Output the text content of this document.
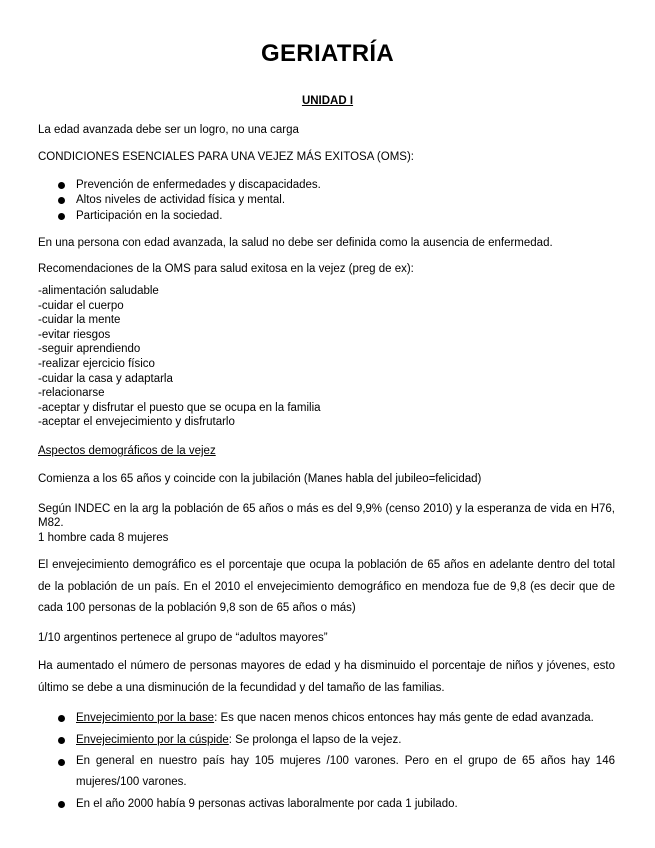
GERIATRÍA
UNIDAD I
La edad avanzada debe ser un logro, no una carga
CONDICIONES ESENCIALES PARA UNA VEJEZ MÁS EXITOSA (OMS):
Prevención de enfermedades y discapacidades.
Altos niveles de actividad física y mental.
Participación en la sociedad.
En una persona con edad avanzada, la salud no debe ser definida como la ausencia de enfermedad.
Recomendaciones de la OMS para salud exitosa en la vejez (preg de ex):
-alimentación saludable
-cuidar el cuerpo
-cuidar la mente
-evitar riesgos
-seguir aprendiendo
-realizar ejercicio físico
-cuidar la casa y adaptarla
-relacionarse
-aceptar y disfrutar el puesto que se ocupa en la familia
-aceptar el envejecimiento y disfrutarlo
Aspectos demográficos de la vejez
Comienza a los 65 años y coincide con la jubilación (Manes habla del jubileo=felicidad)
Según INDEC en la arg la población de 65 años o más es del 9,9% (censo 2010) y la esperanza de vida en H76, M82.
1 hombre cada 8 mujeres
El envejecimiento demográfico es el porcentaje que ocupa la población de 65 años en adelante dentro del total de la población de un país. En el 2010 el envejecimiento demográfico en mendoza fue de 9,8 (es decir que de cada 100 personas de la población 9,8 son de 65 años o más)
1/10 argentinos pertenece al grupo de “adultos mayores”
Ha aumentado el número de personas mayores de edad y ha disminuido el porcentaje de niños y jóvenes, esto último se debe a una disminución de la fecundidad y del tamaño de las familias.
Envejecimiento por la base: Es que nacen menos chicos entonces hay más gente de edad avanzada.
Envejecimiento por la cúspide: Se prolonga el lapso de la vejez.
En general en nuestro país hay 105 mujeres /100 varones. Pero en el grupo de 65 años hay 146 mujeres/100 varones.
En el año 2000 había 9 personas activas laboralmente por cada 1 jubilado.
